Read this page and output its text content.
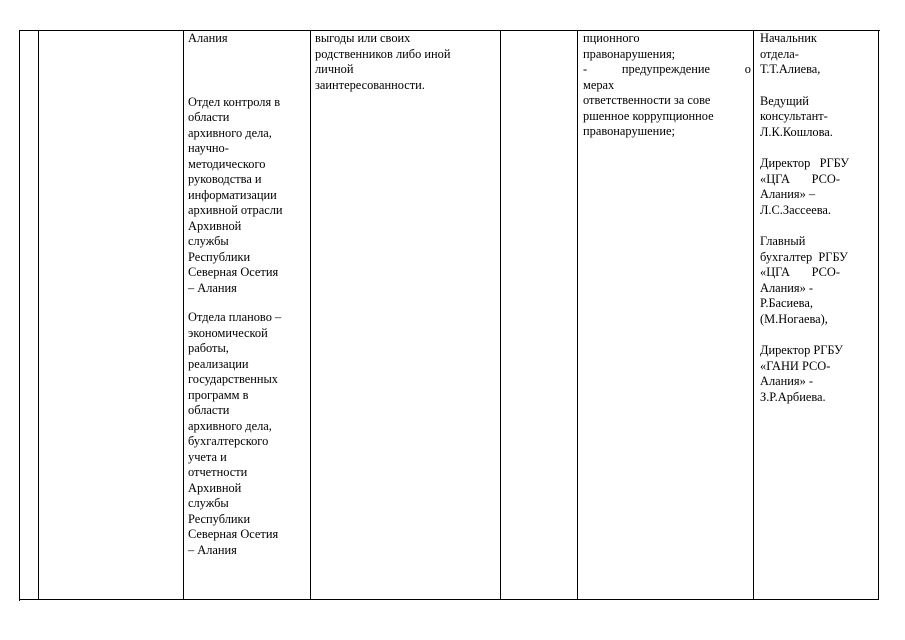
Алания

Отдел контроля в

области

архивного дела,

научно-

методического

руководства и

информатизации

архивной отрасли

Архивной

службы

Республики

Северная Осетия

– Алания

Отдела планово –

экономической

работы,

реализации

государственных

программ в

области

архивного дела,

бухгалтерского

учета и

отчетности

Архивной

службы

Республики

Северная Осетия

– Алания

выгоды или своих

родственников либо иной

личной

заинтересованности.

пционного

правонарушения;

-   предупреждение   о

мерах

ответственности за сове

ршенное коррупционное

правонарушение;

Начальник

отдела-

Т.Т.Алиева,

Ведущий

консультант-

Л.К.Кошлова.

Директор   РГБУ

«ЦГА       РСО-

Алания» –

Л.С.Зассеева.

Главный

бухгалтер  РГБУ

«ЦГА       РСО-

Алания» -

Р.Басиева,

(М.Ногаева),

Директор РГБУ

«ГАНИ РСО-

Алания» -

З.Р.Арбиева.
